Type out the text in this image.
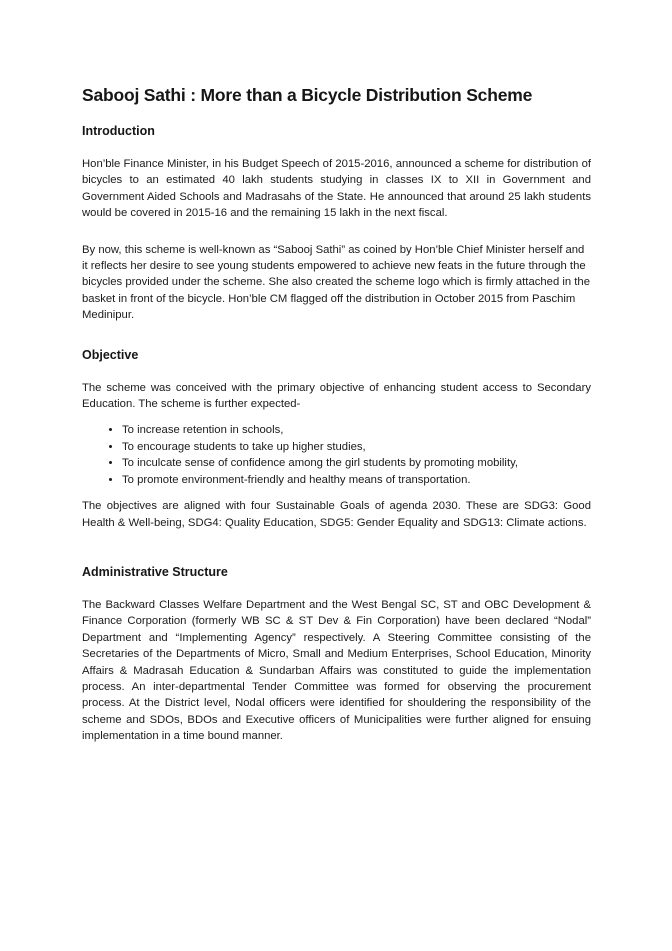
Sabooj Sathi : More than a Bicycle Distribution Scheme
Introduction

Hon’ble Finance Minister, in his Budget Speech of 2015-2016, announced a scheme for distribution of bicycles to an estimated 40 lakh students studying in classes IX to XII in Government and Government Aided Schools and Madrasahs of the State. He announced that around 25 lakh students would be covered in 2015-16 and the remaining 15 lakh in the next fiscal.

By now, this scheme is well-known as “Sabooj Sathi” as coined by Hon’ble Chief Minister herself and it reflects her desire to see young students empowered to achieve new feats in the future through the bicycles provided under the scheme. She also created the scheme logo which is firmly attached in the basket in front of the bicycle. Hon’ble CM flagged off the distribution in October 2015 from Paschim Medinipur.

Objective

The scheme was conceived with the primary objective of enhancing student access to Secondary Education. The scheme is further expected-

• To increase retention in schools,
• To encourage students to take up higher studies,
• To inculcate sense of confidence among the girl students by promoting mobility,
• To promote environment-friendly and healthy means of transportation.

The objectives are aligned with four Sustainable Goals of agenda 2030. These are SDG3: Good Health & Well-being, SDG4: Quality Education, SDG5: Gender Equality and SDG13: Climate actions.

Administrative Structure

The Backward Classes Welfare Department and the West Bengal SC, ST and OBC Development & Finance Corporation (formerly WB SC & ST Dev & Fin Corporation) have been declared “Nodal” Department and “Implementing Agency” respectively. A Steering Committee consisting of the Secretaries of the Departments of Micro, Small and Medium Enterprises, School Education, Minority Affairs & Madrasah Education & Sundarban Affairs was constituted to guide the implementation process. An inter-departmental Tender Committee was formed for observing the procurement process. At the District level, Nodal officers were identified for shouldering the responsibility of the scheme and SDOs, BDOs and Executive officers of Municipalities were further aligned for ensuing implementation in a time bound manner.
